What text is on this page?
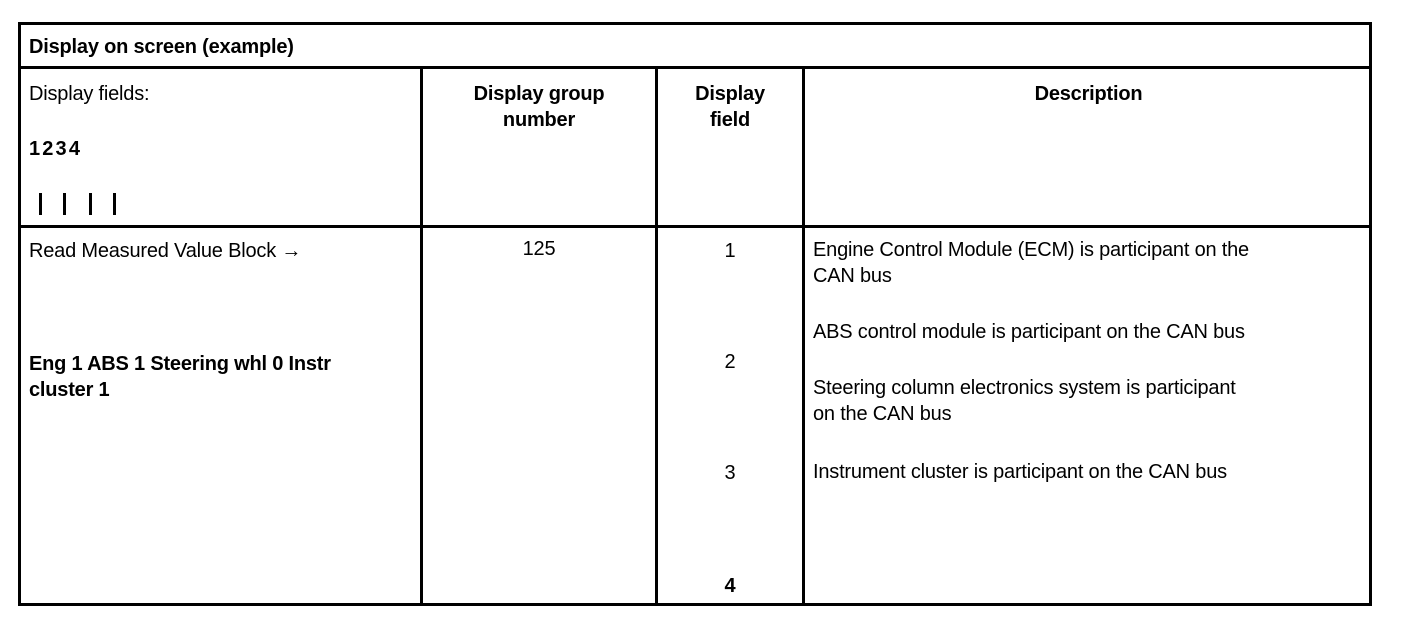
Display on screen (example)
Display fields:
1 2 3 4
Display group
number
Display
field
Description
Read Measured Value Block →
Eng 1 ABS 1 Steering whl 0 Instr
cluster 1
125	1
2
3
4
Engine Control Module (ECM) is participant on the
CAN bus
ABS control module is participant on the CAN bus
Steering column electronics system is participant
on the CAN bus
Instrument cluster is participant on the CAN bus
